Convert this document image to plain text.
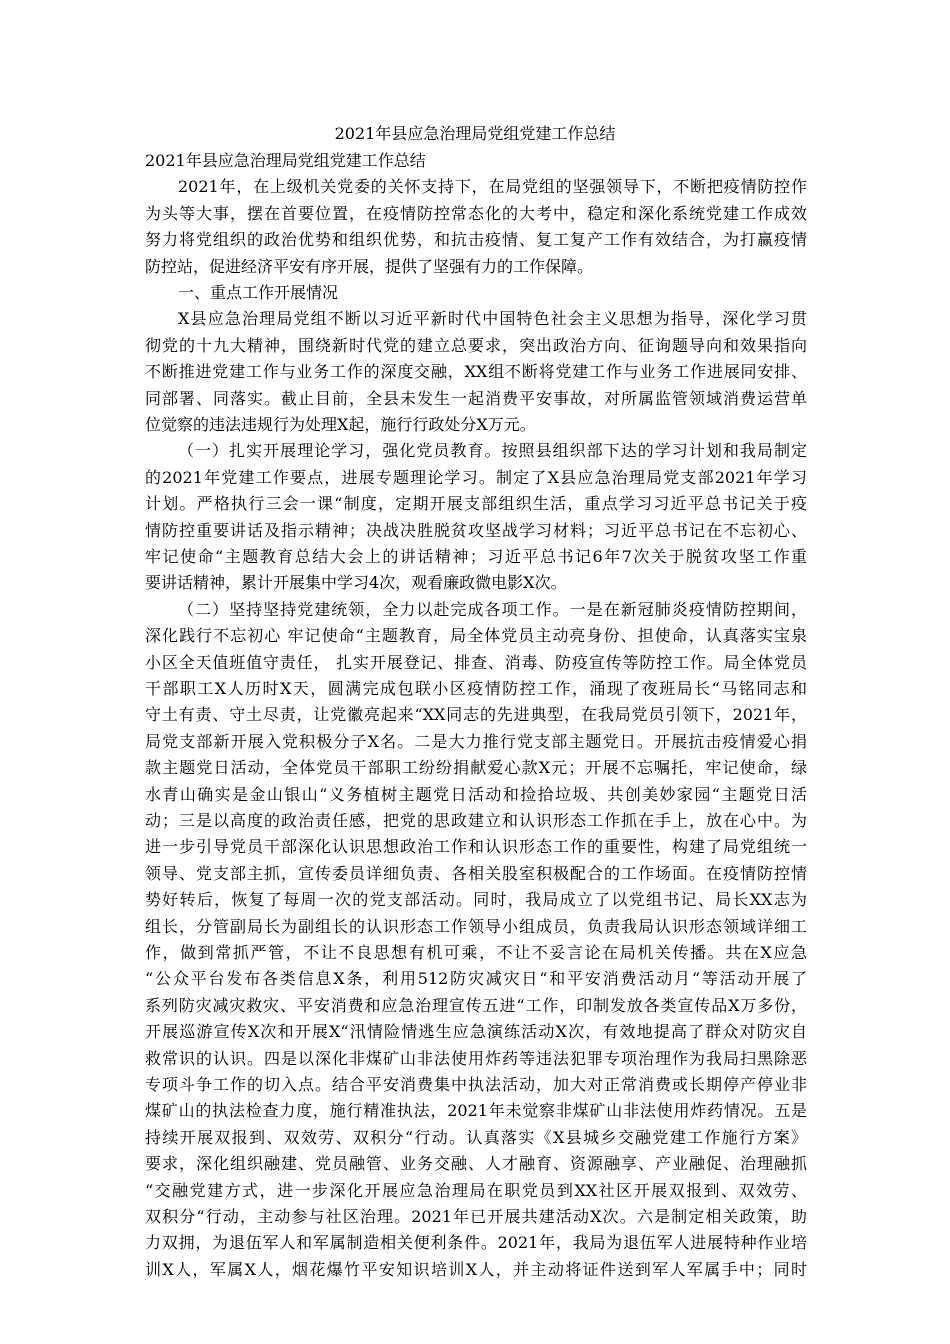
2021年县应急治理局党组党建工作总结
2021年县应急治理局党组党建工作总结
2021年，在上级机关党委的关怀支持下，在局党组的坚强领导下，不断把疫情防控作
为头等大事，摆在首要位置，在疫情防控常态化的大考中，稳定和深化系统党建工作成效
努力将党组织的政治优势和组织优势，和抗击疫情、复工复产工作有效结合，为打赢疫情
防控站，促进经济平安有序开展，提供了坚强有力的工作保障。
一、重点工作开展情况
X县应急治理局党组不断以习近平新时代中国特色社会主义思想为指导，深化学习贯
彻党的十九大精神，围绕新时代党的建立总要求，突出政治方向、征询题导向和效果指向
不断推进党建工作与业务工作的深度交融，XX组不断将党建工作与业务工作进展同安排、
同部署、同落实。截止目前，全县未发生一起消费平安事故，对所属监管领域消费运营单
位觉察的违法违规行为处理X起，施行行政处分X万元。
（一）扎实开展理论学习，强化党员教育。按照县组织部下达的学习计划和我局制定
的2021年党建工作要点，进展专题理论学习。制定了X县应急治理局党支部2021年学习
计划。严格执行三会一课“制度，定期开展支部组织生活，重点学习习近平总书记关于疫
情防控重要讲话及指示精神；决战决胜脱贫攻坚战学习材料；习近平总书记在不忘初心、
牢记使命“主题教育总结大会上的讲话精神；习近平总书记6年7次关于脱贫攻坚工作重
要讲话精神，累计开展集中学习4次，观看廉政微电影X次。
（二）坚持坚持党建统领，全力以赴完成各项工作。一是在新冠肺炎疫情防控期间，
深化践行不忘初心 牢记使命“主题教育，局全体党员主动亮身份、担使命，认真落实宝泉
小区全天值班值守责任， 扎实开展登记、排查、消毒、防疫宣传等防控工作。局全体党员
干部职工X人历时X天，圆满完成包联小区疫情防控工作，涌现了夜班局长“马铭同志和
守土有责、守土尽责，让党徽亮起来“XX同志的先进典型，在我局党员引领下，2021年，
局党支部新开展入党积极分子X名。二是大力推行党支部主题党日。开展抗击疫情爱心捐
款主题党日活动，全体党员干部职工纷纷捐献爱心款X元；开展不忘嘱托，牢记使命，绿
水青山确实是金山银山“义务植树主题党日活动和捡拾垃圾、共创美妙家园“主题党日活
动；三是以高度的政治责任感，把党的思政建立和认识形态工作抓在手上，放在心中。为
进一步引导党员干部深化认识思想政治工作和认识形态工作的重要性，构建了局党组统一
领导、党支部主抓，宣传委员详细负责、各相关股室积极配合的工作场面。在疫情防控情
势好转后，恢复了每周一次的党支部活动。同时，我局成立了以党组书记、局长XX志为
组长，分管副局长为副组长的认识形态工作领导小组成员，负责我局认识形态领域详细工
作，做到常抓严管，不让不良思想有机可乘，不让不妥言论在局机关传播。共在X应急
“公众平台发布各类信息X条，利用512防灾减灾日“和平安消费活动月“等活动开展了
系列防灾减灾救灾、平安消费和应急治理宣传五进“工作，印制发放各类宣传品X万多份，
开展巡游宣传X次和开展X“汛情险情逃生应急演练活动X次，有效地提高了群众对防灾自
救常识的认识。四是以深化非煤矿山非法使用炸药等违法犯罪专项治理作为我局扫黑除恶
专项斗争工作的切入点。结合平安消费集中执法活动，加大对正常消费或长期停产停业非
煤矿山的执法检查力度，施行精准执法，2021年未觉察非煤矿山非法使用炸药情况。五是
持续开展双报到、双效劳、双积分“行动。认真落实《X县城乡交融党建工作施行方案》
要求，深化组织融建、党员融管、业务交融、人才融育、资源融享、产业融促、治理融抓
“交融党建方式，进一步深化开展应急治理局在职党员到XX社区开展双报到、双效劳、
双积分“行动，主动参与社区治理。2021年已开展共建活动X次。六是制定相关政策，助
力双拥，为退伍军人和军属制造相关便利条件。2021年，我局为退伍军人进展特种作业培
训X人，军属X人，烟花爆竹平安知识培训X人，并主动将证件送到军人军属手中；同时
